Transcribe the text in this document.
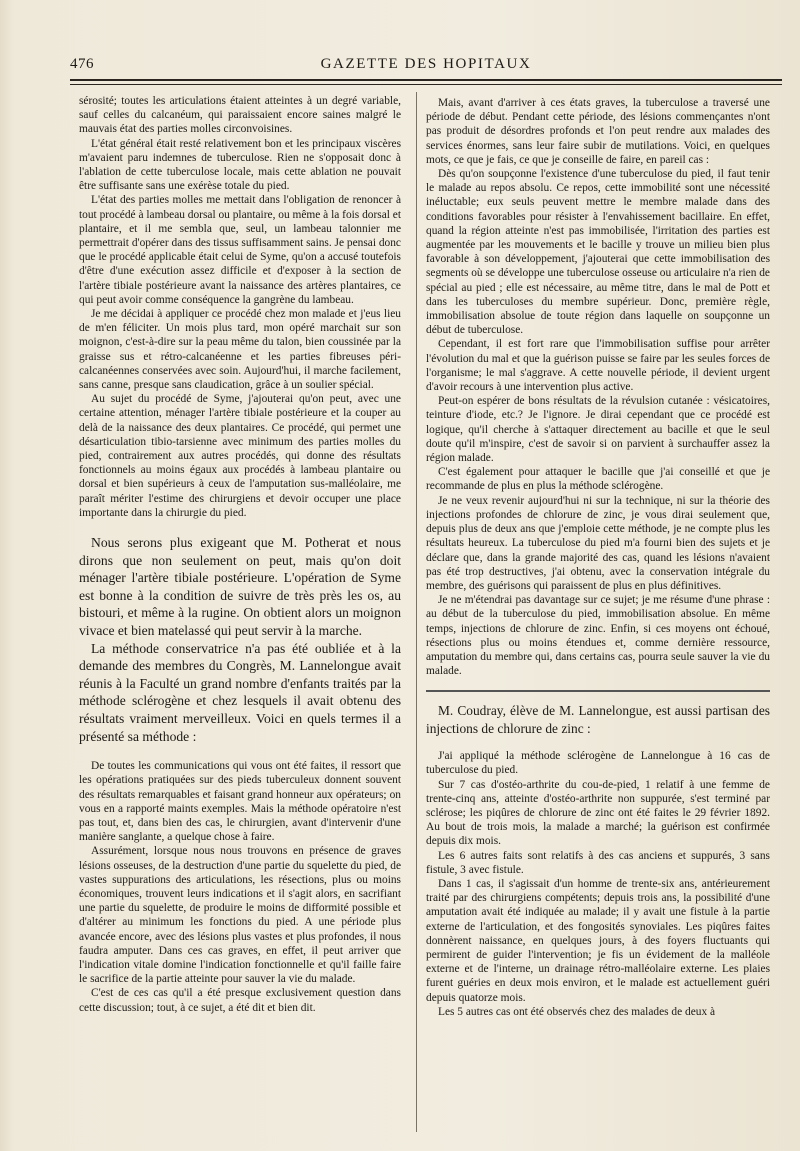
476	GAZETTE DES HOPITAUX

sérosité; toutes les articulations étaient atteintes à un degré variable, sauf celles du calcanéum, qui paraissaient encore saines malgré le mauvais état des parties molles circonvoisines.

L'état général était resté relativement bon et les principaux viscères m'avaient paru indemnes de tuberculose. Rien ne s'opposait donc à l'ablation de cette tuberculose locale, mais cette ablation ne pouvait être suffisante sans une exérèse totale du pied.

L'état des parties molles me mettait dans l'obligation de renoncer à tout procédé à lambeau dorsal ou plantaire, ou même à la fois dorsal et plantaire, et il me sembla que, seul, un lambeau talonnier me permettrait d'opérer dans des tissus suffisamment sains. Je pensai donc que le procédé applicable était celui de Syme, qu'on a accusé toutefois d'être d'une exécution assez difficile et d'exposer à la section de l'artère tibiale postérieure avant la naissance des artères plantaires, ce qui peut avoir comme conséquence la gangrène du lambeau.

Je me décidai à appliquer ce procédé chez mon malade et j'eus lieu de m'en féliciter. Un mois plus tard, mon opéré marchait sur son moignon, c'est-à-dire sur la peau même du talon, bien coussinée par la graisse sus et rétro-calcanéenne et les parties fibreuses péri-calcanéennes conservées avec soin. Aujourd'hui, il marche facilement, sans canne, presque sans claudication, grâce à un soulier spécial.

Au sujet du procédé de Syme, j'ajouterai qu'on peut, avec une certaine attention, ménager l'artère tibiale postérieure et la couper au delà de la naissance des deux plantaires. Ce procédé, qui permet une désarticulation tibio-tarsienne avec minimum des parties molles du pied, contrairement aux autres procédés, qui donne des résultats fonctionnels au moins égaux aux procédés à lambeau plantaire ou dorsal et bien supérieurs à ceux de l'amputation sus-malléolaire, me paraît mériter l'estime des chirurgiens et devoir occuper une place importante dans la chirurgie du pied.

Nous serons plus exigeant que M. Potherat et nous dirons que non seulement on peut, mais qu'on doit ménager l'artère tibiale postérieure. L'opération de Syme est bonne à la condition de suivre de très près les os, au bistouri, et même à la rugine. On obtient alors un moignon vivace et bien matelassé qui peut servir à la marche.

La méthode conservatrice n'a pas été oubliée et à la demande des membres du Congrès, M. Lannelongue avait réunis à la Faculté un grand nombre d'enfants traités par la méthode sclérogène et chez lesquels il avait obtenu des résultats vraiment merveilleux. Voici en quels termes il a présenté sa méthode :

De toutes les communications qui vous ont été faites, il ressort que les opérations pratiquées sur des pieds tuberculeux donnent souvent des résultats remarquables et faisant grand honneur aux opérateurs; on vous en a rapporté maints exemples. Mais la méthode opératoire n'est pas tout, et, dans bien des cas, le chirurgien, avant d'intervenir d'une manière sanglante, a quelque chose à faire.

Assurément, lorsque nous nous trouvons en présence de graves lésions osseuses, de la destruction d'une partie du squelette du pied, de vastes suppurations des articulations, les résections, plus ou moins économiques, trouvent leurs indications et il s'agit alors, en sacrifiant une partie du squelette, de produire le moins de difformité possible et d'altérer au minimum les fonctions du pied. A une période plus avancée encore, avec des lésions plus vastes et plus profondes, il nous faudra amputer. Dans ces cas graves, en effet, il peut arriver que l'indication vitale domine l'indication fonctionnelle et qu'il faille faire le sacrifice de la partie atteinte pour sauver la vie du malade.

C'est de ces cas qu'il a été presque exclusivement question dans cette discussion; tout, à ce sujet, a été dit et bien dit.

Mais, avant d'arriver à ces états graves, la tuberculose a traversé une période de début. Pendant cette période, des lésions commençantes n'ont pas produit de désordres profonds et l'on peut rendre aux malades des services énormes, sans leur faire subir de mutilations. Voici, en quelques mots, ce que je fais, ce que je conseille de faire, en pareil cas :

Dès qu'on soupçonne l'existence d'une tuberculose du pied, il faut tenir le malade au repos absolu. Ce repos, cette immobilité sont une nécessité inéluctable; eux seuls peuvent mettre le membre malade dans des conditions favorables pour résister à l'envahissement bacillaire. En effet, quand la région atteinte n'est pas immobilisée, l'irritation des parties est augmentée par les mouvements et le bacille y trouve un milieu bien plus favorable à son développement, j'ajouterai que cette immobilisation des segments où se développe une tuberculose osseuse ou articulaire n'a rien de spécial au pied ; elle est nécessaire, au même titre, dans le mal de Pott et dans les tuberculoses du membre supérieur. Donc, première règle, immobilisation absolue de toute région dans laquelle on soupçonne un début de tuberculose.

Cependant, il est fort rare que l'immobilisation suffise pour arrêter l'évolution du mal et que la guérison puisse se faire par les seules forces de l'organisme; le mal s'aggrave. A cette nouvelle période, il devient urgent d'avoir recours à une intervention plus active.

Peut-on espérer de bons résultats de la révulsion cutanée : vésicatoires, teinture d'iode, etc.? Je l'ignore. Je dirai cependant que ce procédé est logique, qu'il cherche à s'attaquer directement au bacille et que le seul doute qu'il m'inspire, c'est de savoir si on parvient à surchauffer assez la région malade.

C'est également pour attaquer le bacille que j'ai conseillé et que je recommande de plus en plus la méthode sclérogène.

Je ne veux revenir aujourd'hui ni sur la technique, ni sur la théorie des injections profondes de chlorure de zinc, je vous dirai seulement que, depuis plus de deux ans que j'emploie cette méthode, je ne compte plus les résultats heureux. La tuberculose du pied m'a fourni bien des sujets et je déclare que, dans la grande majorité des cas, quand les lésions n'avaient pas été trop destructives, j'ai obtenu, avec la conservation intégrale du membre, des guérisons qui paraissent de plus en plus définitives.

Je ne m'étendrai pas davantage sur ce sujet; je me résume d'une phrase : au début de la tuberculose du pied, immobilisation absolue. En même temps, injections de chlorure de zinc. Enfin, si ces moyens ont échoué, résections plus ou moins étendues et, comme dernière ressource, amputation du membre qui, dans certains cas, pourra seule sauver la vie du malade.

M. Coudray, élève de M. Lannelongue, est aussi partisan des injections de chlorure de zinc :

J'ai appliqué la méthode sclérogène de Lannelongue à 16 cas de tuberculose du pied.

Sur 7 cas d'ostéo-arthrite du cou-de-pied, 1 relatif à une femme de trente-cinq ans, atteinte d'ostéo-arthrite non suppurée, s'est terminé par sclérose; les piqûres de chlorure de zinc ont été faites le 29 février 1892. Au bout de trois mois, la malade a marché; la guérison est confirmée depuis dix mois.

Les 6 autres faits sont relatifs à des cas anciens et suppurés, 3 sans fistule, 3 avec fistule.

Dans 1 cas, il s'agissait d'un homme de trente-six ans, antérieurement traité par des chirurgiens compétents; depuis trois ans, la possibilité d'une amputation avait été indiquée au malade; il y avait une fistule à la partie externe de l'articulation, et des fongosités synoviales. Les piqûres faites donnèrent naissance, en quelques jours, à des foyers fluctuants qui permirent de guider l'intervention; je fis un évidement de la malléole externe et de l'interne, un drainage rétro-malléolaire externe. Les plaies furent guéries en deux mois environ, et le malade est actuellement guéri depuis quatorze mois.

Les 5 autres cas ont été observés chez des malades de deux à
